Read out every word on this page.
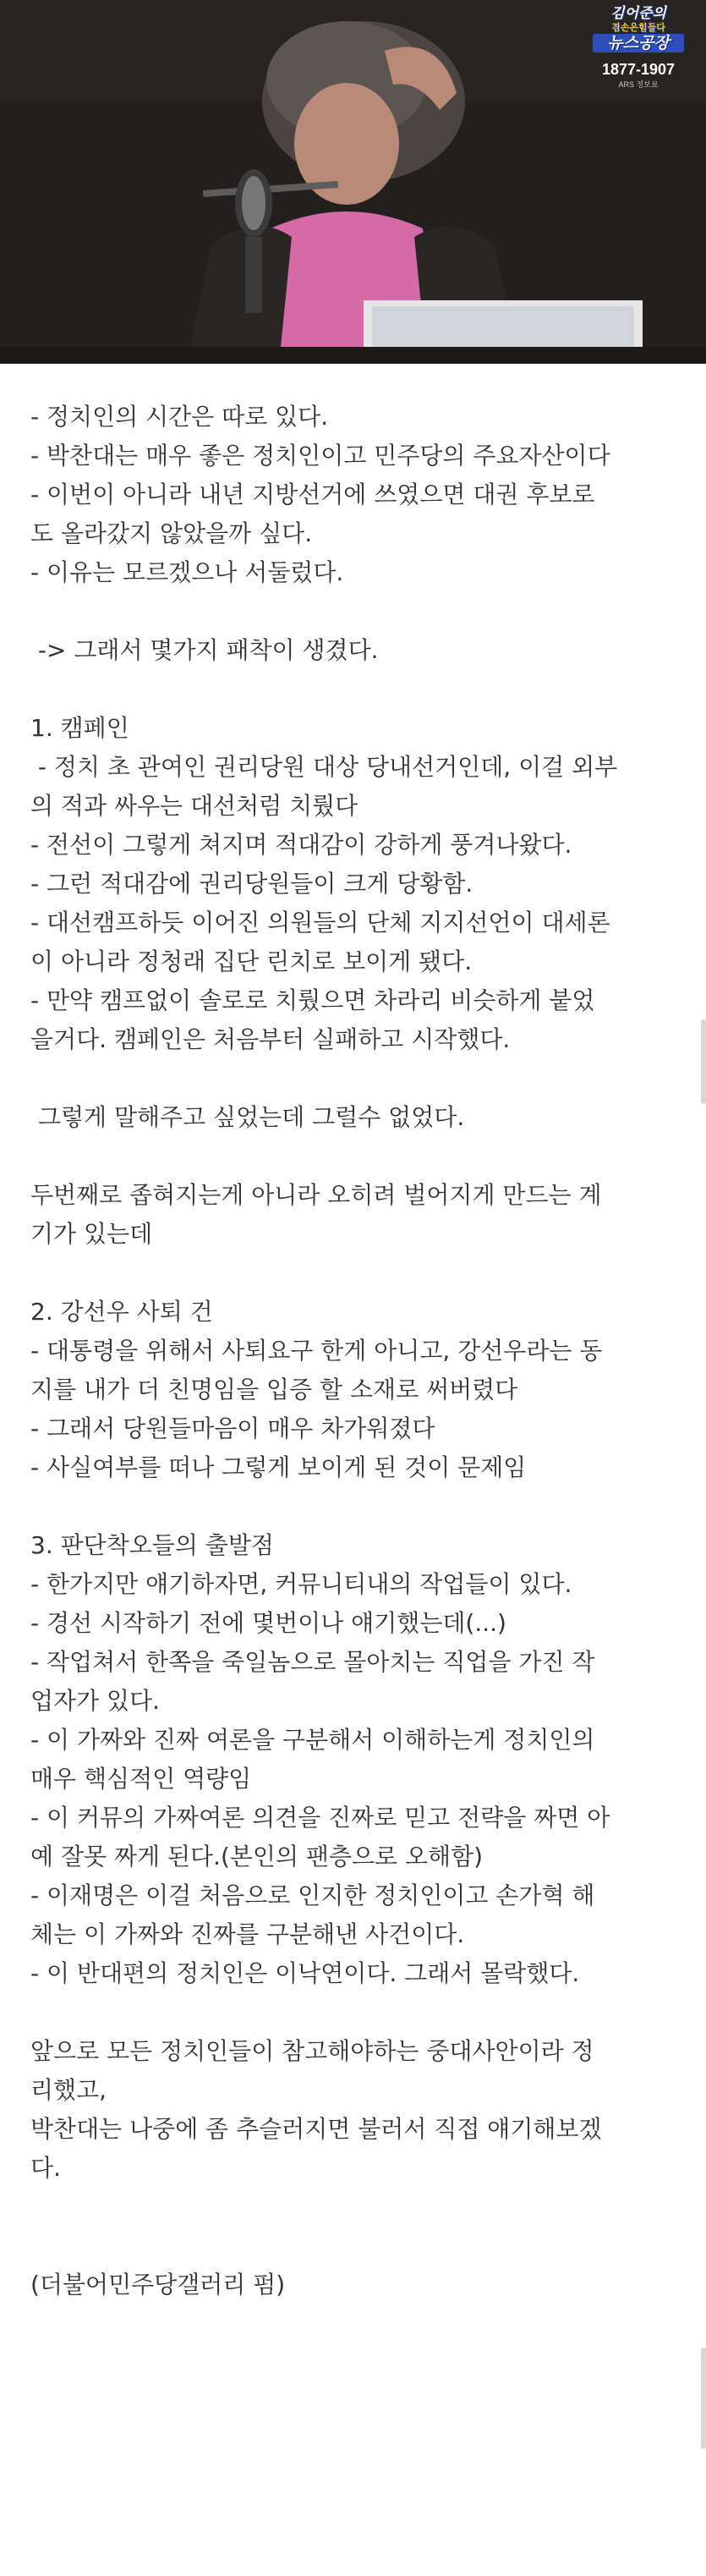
김어준의
겸손은힘들다
뉴스공장
1877-1907
ARS 정보료
- 정치인의 시간은 따로 있다.
- 박찬대는 매우 좋은 정치인이고 민주당의 주요자산이다
- 이번이 아니라 내년 지방선거에 쓰였으면 대권 후보로
도 올라갔지 않았을까 싶다.
- 이유는 모르겠으나 서둘렀다.
-> 그래서 몇가지 패착이 생겼다.
1. 캠페인
- 정치 초 관여인 권리당원 대상 당내선거인데, 이걸 외부
의 적과 싸우는 대선처럼 치뤘다
- 전선이 그렇게 쳐지며 적대감이 강하게 풍겨나왔다.
- 그런 적대감에 권리당원들이 크게 당황함.
- 대선캠프하듯 이어진 의원들의 단체 지지선언이 대세론
이 아니라 정청래 집단 린치로 보이게 됐다.
- 만약 캠프없이 솔로로 치뤘으면 차라리 비슷하게 붙었
을거다. 캠페인은 처음부터 실패하고 시작했다.
그렇게 말해주고 싶었는데 그럴수 없었다.
두번째로 좁혀지는게 아니라 오히려 벌어지게 만드는 계
기가 있는데
2. 강선우 사퇴 건
- 대통령을 위해서 사퇴요구 한게 아니고, 강선우라는 동
지를 내가 더 친명임을 입증 할 소재로 써버렸다
- 그래서 당원들마음이 매우 차가워졌다
- 사실여부를 떠나 그렇게 보이게 된 것이 문제임
3. 판단착오들의 출발점
- 한가지만 얘기하자면, 커뮤니티내의 작업들이 있다.
- 경선 시작하기 전에 몇번이나 얘기했는데(...)
- 작업쳐서 한쪽을 죽일놈으로 몰아치는 직업을 가진 작
업자가 있다.
- 이 가짜와 진짜 여론을 구분해서 이해하는게 정치인의
매우 핵심적인 역량임
- 이 커뮤의 가짜여론 의견을 진짜로 믿고 전략을 짜면 아
예 잘못 짜게 된다.(본인의 팬층으로 오해함)
- 이재명은 이걸 처음으로 인지한 정치인이고 손가혁 해
체는 이 가짜와 진짜를 구분해낸 사건이다.
- 이 반대편의 정치인은 이낙연이다. 그래서 몰락했다.
앞으로 모든 정치인들이 참고해야하는 중대사안이라 정
리했고,
박찬대는 나중에 좀 추슬러지면 불러서 직접 얘기해보겠
다.
(더불어민주당갤러리 펌)
